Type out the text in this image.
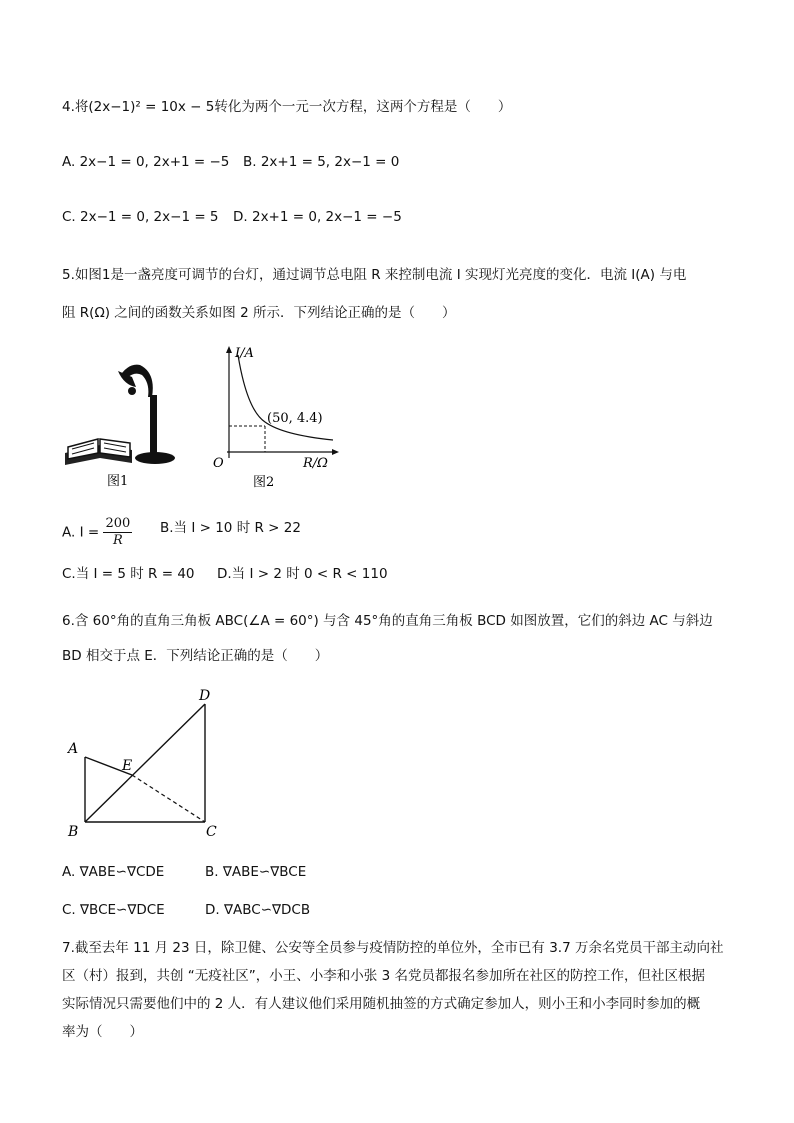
4.将(2x−1)² = 10x − 5转化为两个一元一次方程，这两个方程是（　　）
A. 2x−1 = 0, 2x+1 = −5 B. 2x+1 = 5, 2x−1 = 0
C. 2x−1 = 0, 2x−1 = 5 D. 2x+1 = 0, 2x−1 = −5
5.如图1是一盏亮度可调节的台灯，通过调节总电阻 R 来控制电流 I 实现灯光亮度的变化．电流 I(A) 与电
阻 R(Ω) 之间的函数关系如图 2 所示．下列结论正确的是（　　）
图1
I/A
R/Ω
O
(50, 4.4)
图2
A. $I = \frac{200}{R} B$.当 I > 10 时 R > 22
C.当 I = 5 时 R = 40 D.当 I > 2 时 0 < R < 110
6.含 60°角的直角三角板 ABC(∠A = 60°) 与含 45°角的直角三角板 BCD 如图放置，它们的斜边 AC 与斜边
BD 相交于点 E．下列结论正确的是（　　）
A
B	C
D
E
A. ∇ABE∽∇CDE	B. ∇ABE∽∇BCE
C. ∇BCE∽∇DCE	D. ∇ABC∽∇DCB
7.截至去年 11 月 23 日，除卫健、公安等全员参与疫情防控的单位外，全市已有 3.7 万余名党员干部主动向社
区（村）报到，共创 “无疫社区”，小王、小李和小张 3 名党员都报名参加所在社区的防控工作，但社区根据
实际情况只需要他们中的 2 人．有人建议他们采用随机抽签的方式确定参加人，则小王和小李同时参加的概
率为（　　）
